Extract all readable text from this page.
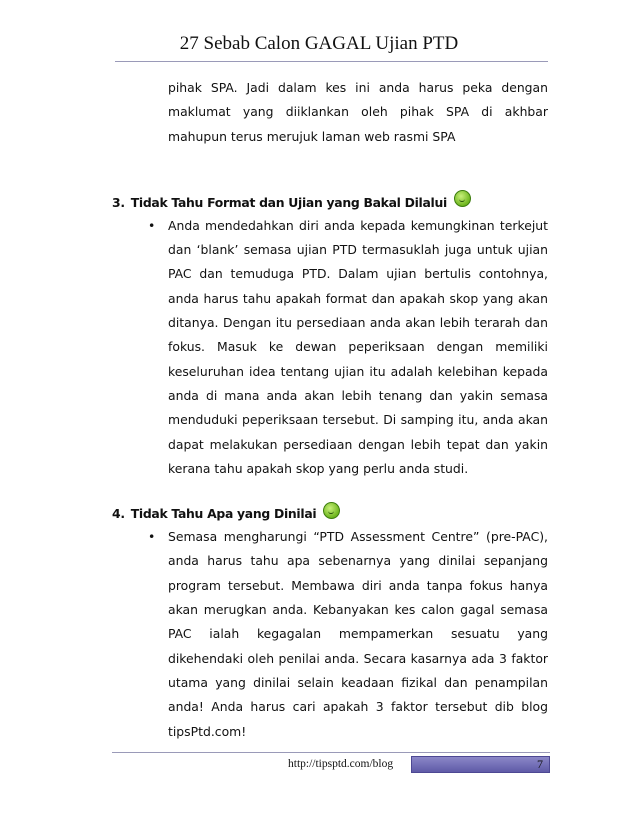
27 Sebab Calon GAGAL Ujian PTD

pihak SPA. Jadi dalam kes ini anda harus peka dengan maklumat yang diiklankan oleh pihak SPA di akhbar mahupun terus merujuk laman web rasmi SPA

3. Tidak Tahu Format dan Ujian yang Bakal Dilalui
•	Anda mendedahkan diri anda kepada kemungkinan terkejut dan ‘blank’ semasa ujian PTD termasuklah juga untuk ujian PAC dan temuduga PTD. Dalam ujian bertulis contohnya, anda harus tahu apakah format dan apakah skop yang akan ditanya. Dengan itu persediaan anda akan lebih terarah dan fokus. Masuk ke dewan peperiksaan dengan memiliki keseluruhan idea tentang ujian itu adalah kelebihan kepada anda di mana anda akan lebih tenang dan yakin semasa menduduki peperiksaan tersebut. Di samping itu, anda akan dapat melakukan persediaan dengan lebih tepat dan yakin kerana tahu apakah skop yang perlu anda studi.
4. Tidak Tahu Apa yang Dinilai
•	Semasa mengharungi “PTD Assessment Centre” (pre-PAC), anda harus tahu apa sebenarnya yang dinilai sepanjang program tersebut. Membawa diri anda tanpa fokus hanya akan merugkan anda. Kebanyakan kes calon gagal semasa PAC ialah kegagalan mempamerkan sesuatu yang dikehendaki oleh penilai anda. Secara kasarnya ada 3 faktor utama yang dinilai selain keadaan fizikal dan penampilan anda! Anda harus cari apakah 3 faktor tersebut dib blog tipsPtd.com!
http://tipsptd.com/blog	7
